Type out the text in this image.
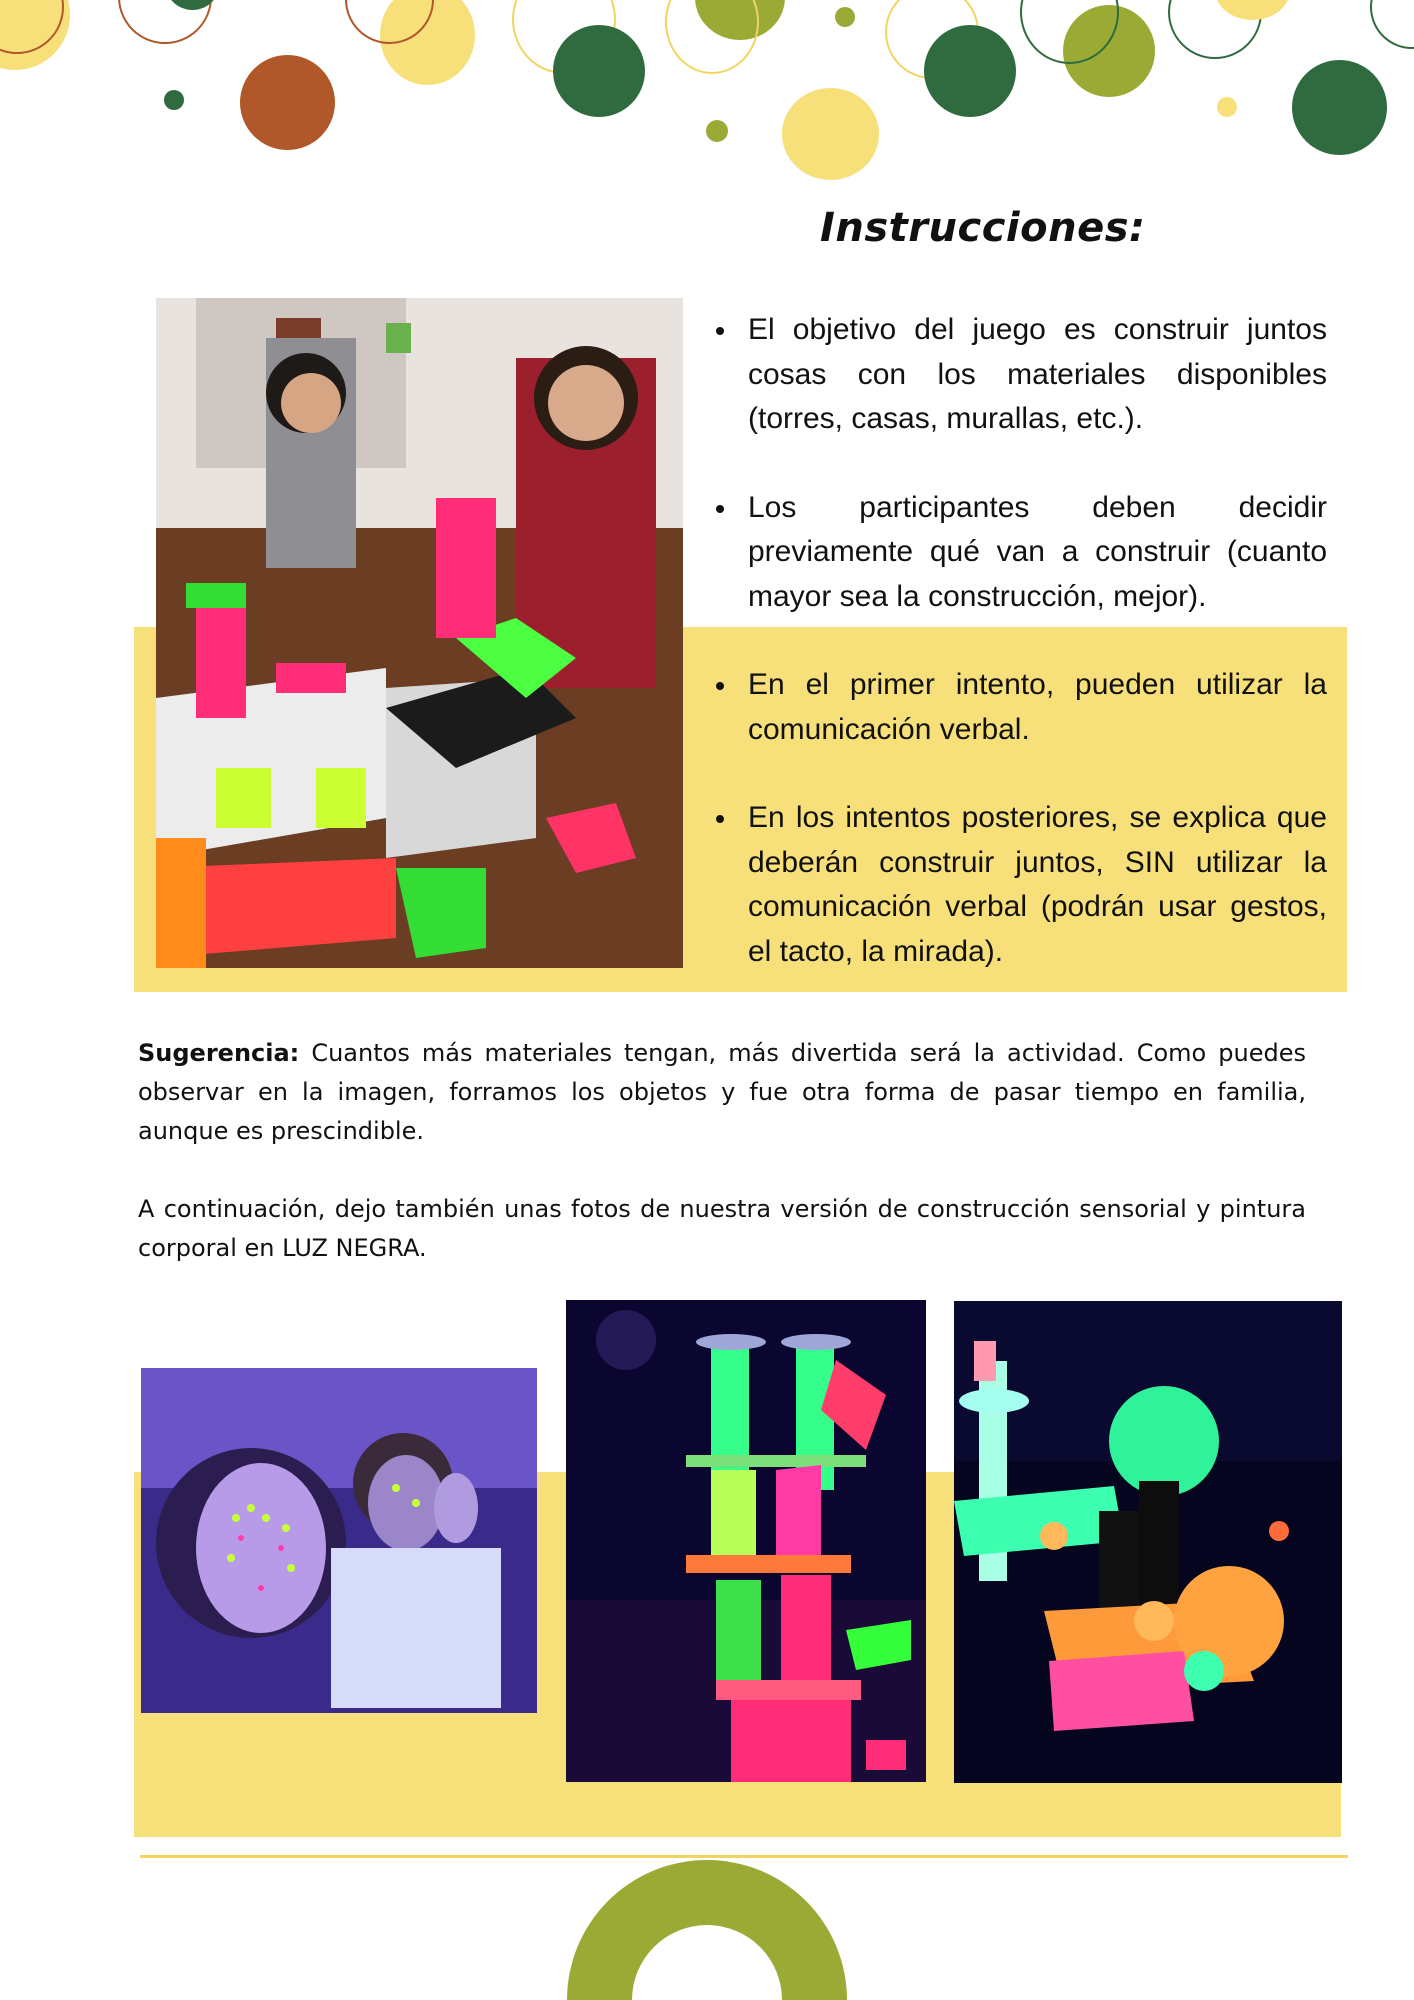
Instrucciones:
El objetivo del juego es construir juntos cosas con los materiales disponibles (torres, casas, murallas, etc.).
Los participantes deben decidir previamente qué van a construir (cuanto mayor sea la construcción, mejor).
En el primer intento, pueden utilizar la comunicación verbal.
En los intentos posteriores, se explica que deberán construir juntos, SIN utilizar la comunicación verbal (podrán usar gestos, el tacto, la mirada).
Sugerencia: Cuantos más materiales tengan, más divertida será la actividad. Como puedes observar en la imagen, forramos los objetos y fue otra forma de pasar tiempo en familia, aunque es prescindible.
A continuación, dejo también unas fotos de nuestra versión de construcción sensorial y pintura corporal en LUZ NEGRA.
